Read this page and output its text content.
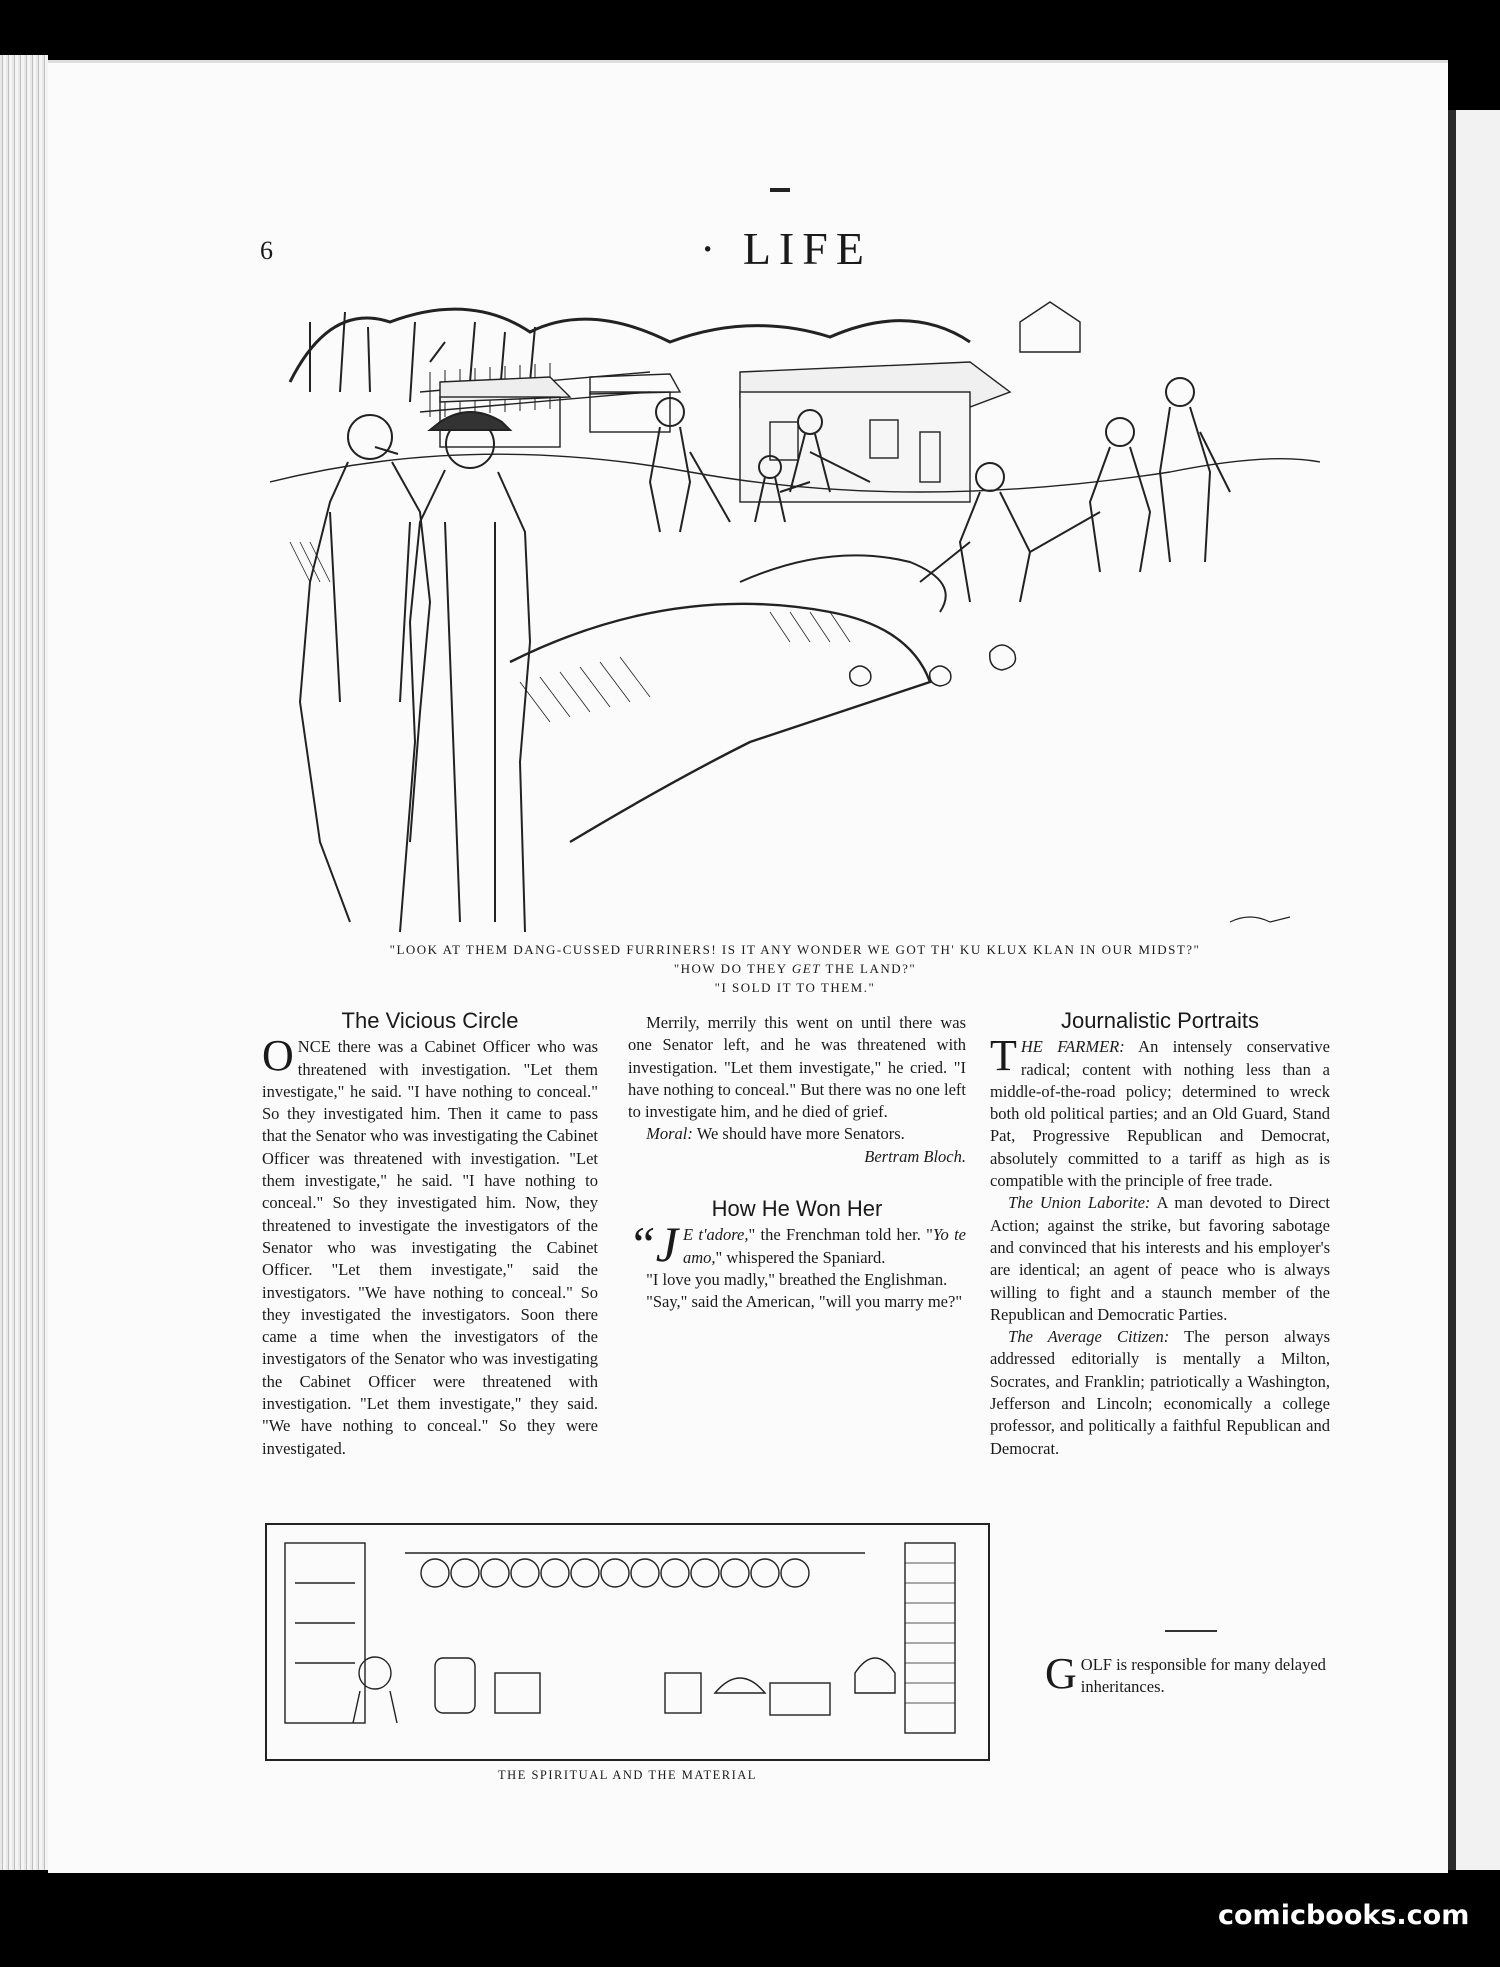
6	· LIFE
"LOOK AT THEM DANG-CUSSED FURRINERS! IS IT ANY WONDER WE GOT TH' KU KLUX KLAN IN OUR MIDST?"
"HOW DO THEY GET THE LAND?"
"I SOLD IT TO THEM."
The Vicious Circle

ONCE there was a Cabinet Officer who was threatened with investigation. "Let them investigate," he said. "I have nothing to conceal." So they investigated him. Then it came to pass that the Senator who was investigating the Cabinet Officer was threatened with investigation. "Let them investigate," he said. "I have nothing to conceal." So they investigated him. Now, they threatened to investigate the investigators of the Senator who was investigating the Cabinet Officer. "Let them investigate," said the investigators. "We have nothing to conceal." So they investigated the investigators. Soon there came a time when the investigators of the investigators of the Senator who was investigating the Cabinet Officer were threatened with investigation. "Let them investigate," they said. "We have nothing to conceal." So they were investigated.

Merrily, merrily this went on until there was one Senator left, and he was threatened with investigation. "Let them investigate," he cried. "I have nothing to conceal." But there was no one left to investigate him, and he died of grief.

Moral: We should have more Senators.

Bertram Bloch.
How He Won Her

“J E t'adore," the Frenchman told her. "Yo te amo," whispered the Spaniard.

"I love you madly," breathed the Englishman.

"Say," said the American, "will you marry me?"

Journalistic Portraits

THE FARMER: An intensely conservative radical; content with nothing less than a middle-of-the-road policy; determined to wreck both old political parties; and an Old Guard, Stand Pat, Progressive Republican and Democrat, absolutely committed to a tariff as high as is compatible with the principle of free trade.

The Union Laborite: A man devoted to Direct Action; against the strike, but favoring sabotage and convinced that his interests and his employer's are identical; an agent of peace who is always willing to fight and a staunch member of the Republican and Democratic Parties.

The Average Citizen: The person always addressed editorially is mentally a Milton, Socrates, and Franklin; patriotically a Washington, Jefferson and Lincoln; economically a college professor, and politically a faithful Republican and Democrat.

THE SPIRITUAL AND THE MATERIAL
GOLF is responsible for many delayed inheritances.
comicbooks.com
